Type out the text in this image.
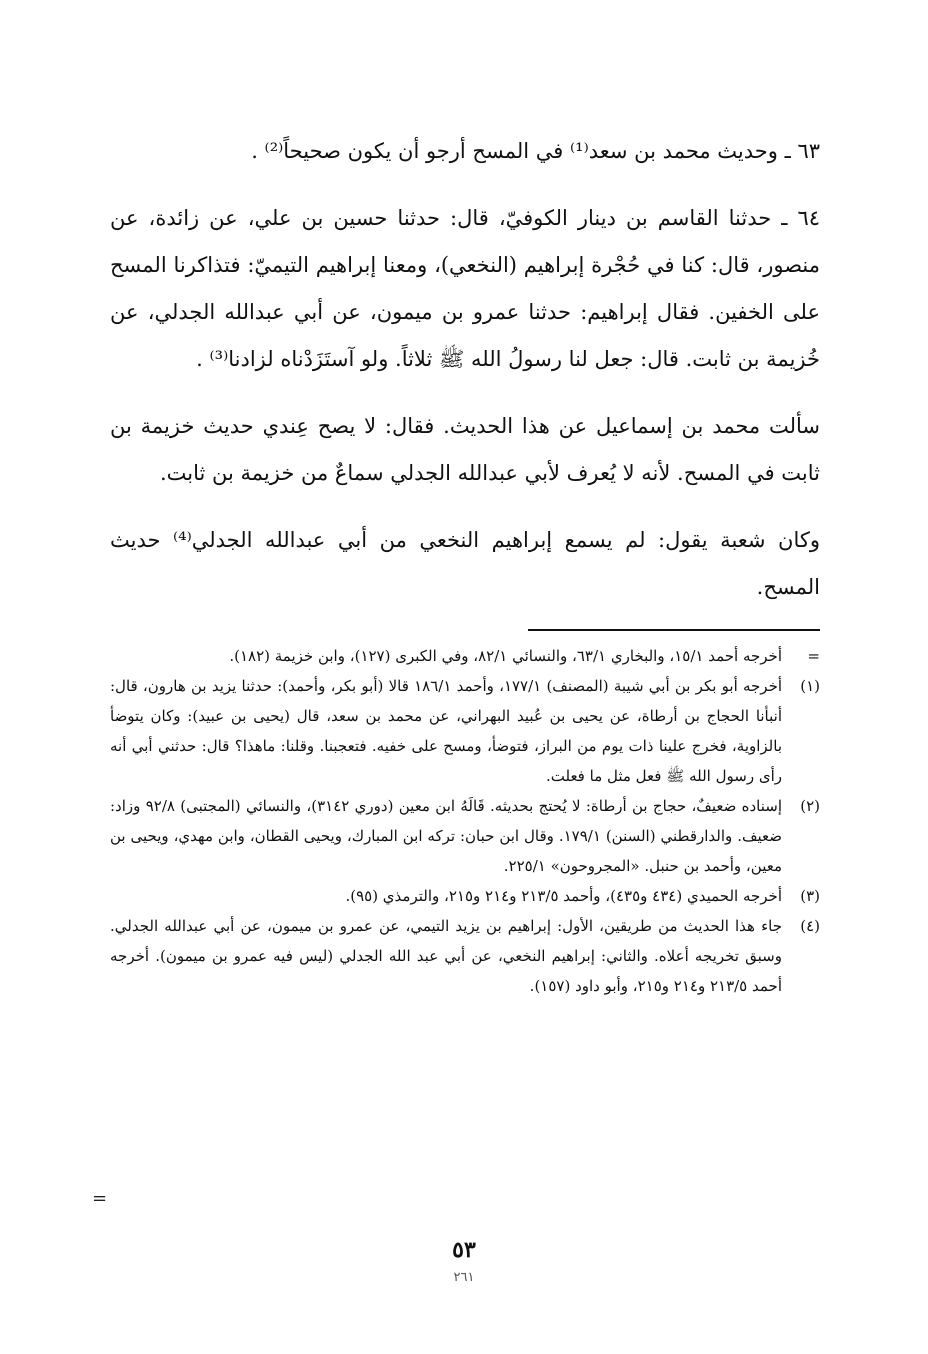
٦٣ ـ وحديث محمد بن سعد⁽¹⁾ في المسح أرجو أن يكون صحيحاً⁽²⁾ .

٦٤ ـ حدثنا القاسم بن دينار الكوفيّ، قال: حدثنا حسين بن علي، عن زائدة، عن منصور، قال: كنا في حُجْرة إبراهيم (النخعي)، ومعنا إبراهيم التيميّ: فتذاكرنا المسح على الخفين. فقال إبراهيم: حدثنا عمرو بن ميمون، عن أبي عبدالله الجدلي، عن خُزيمة بن ثابت. قال: جعل لنا رسولُ الله ﷺ ثلاثاً. ولو آستَزَدْناه لزادنا⁽³⁾ .

سألت محمد بن إسماعيل عن هذا الحديث. فقال: لا يصح عِندي حديث خزيمة بن ثابت في المسح. لأنه لا يُعرف لأبي عبدالله الجدلي سماعٌ من خزيمة بن ثابت.

وكان شعبة يقول: لم يسمع إبراهيم النخعي من أبي عبدالله الجدلي⁽⁴⁾ حديث المسح.

=
أخرجه أحمد ١٥/١، والبخاري ٦٣/١، والنسائي ٨٢/١، وفي الكبرى (١٢٧)، وابن خزيمة (١٨٢).
(١)
أخرجه أبو بكر بن أبي شيبة (المصنف) ١٧٧/١، وأحمد ١٨٦/١ قالا (أبو بكر، وأحمد): حدثنا يزيد بن هارون، قال: أنبأنا الحجاج بن أرطاة، عن يحيى بن عُبيد البهراني، عن محمد بن سعد، قال (يحيى بن عبيد): وكان يتوضأ بالزاوية، فخرج علينا ذات يوم من البراز، فتوضأ، ومسح على خفيه. فتعجبنا. وقلنا: ماهذا؟ قال: حدثني أبي أنه رأى رسول الله ﷺ فعل مثل ما فعلت.
(٢)
إسناده ضعيفٌ، حجاج بن أرطاة: لا يُحتج بحديثه. قَالَهُ ابن معين (دوري ٣١٤٢)، والنسائي (المجتبى) ٩٢/٨ وزاد: ضعيف. والدارقطني (السنن) ١٧٩/١. وقال ابن حبان: تركه ابن المبارك، ويحيى القطان، وابن مهدي، ويحيى بن معين، وأحمد بن حنبل. «المجروحون» ٢٢٥/١.
(٣)
أخرجه الحميدي (٤٣٤ و٤٣٥)، وأحمد ٢١٣/٥ و٢١٤ و٢١٥، والترمذي (٩٥).
(٤)
جاء هذا الحديث من طريقين، الأول: إبراهيم بن يزيد التيمي، عن عمرو بن ميمون، عن أبي عبدالله الجدلي. وسبق تخريجه أعلاه. والثاني: إبراهيم النخعي، عن أبي عبد الله الجدلي (ليس فيه عمرو بن ميمون). أخرجه أحمد ٢١٣/٥ و٢١٤ و٢١٥، وأبو داود (١٥٧).
٥٣
٢٦١
=
